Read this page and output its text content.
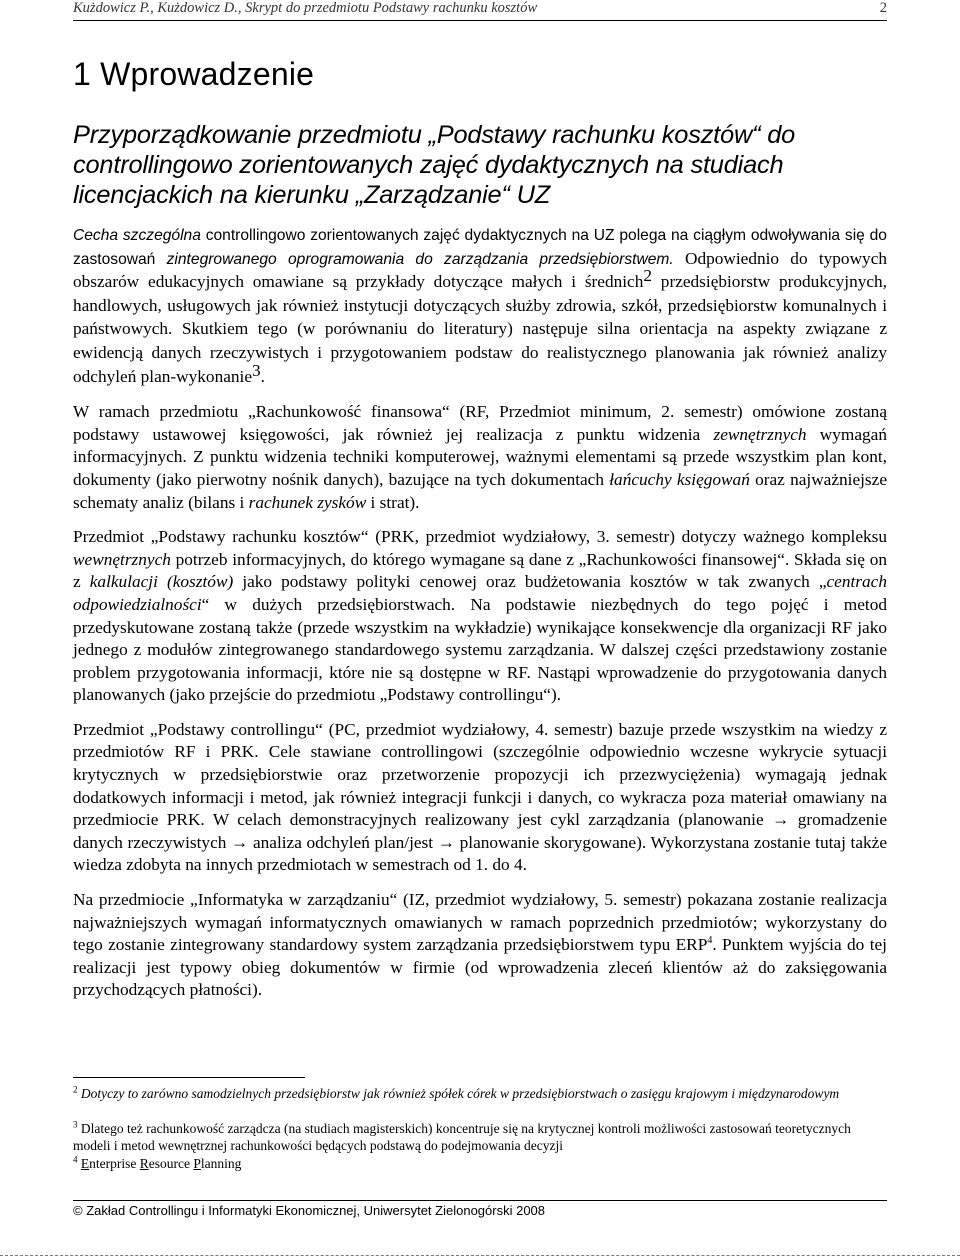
Kużdowicz P., Kużdowicz D., Skrypt do przedmiotu Podstawy rachunku kosztów	2
1 Wprowadzenie
Przyporządkowanie przedmiotu „Podstawy rachunku kosztów“ do controllingowo zorientowanych zajęć dydaktycznych na studiach licencjackich na kierunku „Zarządzanie“ UZ

Cecha szczególna controllingowo zorientowanych zajęć dydaktycznych na UZ polega na ciągłym odwoływania się do zastosowań zintegrowanego oprogramowania do zarządzania przedsiębiorstwem. Odpowiednio do typowych obszarów edukacyjnych omawiane są przykłady dotyczące małych i średnich$^2$ przedsiębiorstw produkcyjnych, handlowych, usługowych jak również instytucji dotyczących służby zdrowia, szkół, przedsiębiorstw komunalnych i państwowych. Skutkiem tego (w porównaniu do literatury) następuje silna orientacja na aspekty związane z ewidencją danych rzeczywistych i przygotowaniem podstaw do realistycznego planowania jak również analizy odchyleń plan-wykonanie$^3$.

W ramach przedmiotu „Rachunkowość finansowa“ (RF, Przedmiot minimum, 2. semestr) omówione zostaną podstawy ustawowej księgowości, jak również jej realizacja z punktu widzenia zewnętrznych wymagań informacyjnych. Z punktu widzenia techniki komputerowej, ważnymi elementami są przede wszystkim plan kont, dokumenty (jako pierwotny nośnik danych), bazujące na tych dokumentach łańcuchy księgowań oraz najważniejsze schematy analiz (bilans i rachunek zysków i strat).

Przedmiot „Podstawy rachunku kosztów“ (PRK, przedmiot wydziałowy, 3. semestr) dotyczy ważnego kompleksu wewnętrznych potrzeb informacyjnych, do którego wymagane są dane z „Rachunkowości finansowej“. Składa się on z kalkulacji (kosztów) jako podstawy polityki cenowej oraz budżetowania kosztów w tak zwanych „centrach odpowiedzialności“ w dużych przedsiębiorstwach. Na podstawie niezbędnych do tego pojęć i metod przedyskutowane zostaną także (przede wszystkim na wykładzie) wynikające konsekwencje dla organizacji RF jako jednego z modułów zintegrowanego standardowego systemu zarządzania. W dalszej części przedstawiony zostanie problem przygotowania informacji, które nie są dostępne w RF. Nastąpi wprowadzenie do przygotowania danych planowanych (jako przejście do przedmiotu „Podstawy controllingu“).

Przedmiot „Podstawy controllingu“ (PC, przedmiot wydziałowy, 4. semestr) bazuje przede wszystkim na wiedzy z przedmiotów RF i PRK. Cele stawiane controllingowi (szczególnie odpowiednio wczesne wykrycie sytuacji krytycznych w przedsiębiorstwie oraz przetworzenie propozycji ich przezwyciężenia) wymagają jednak dodatkowych informacji i metod, jak również integracji funkcji i danych, co wykracza poza materiał omawiany na przedmiocie PRK. W celach demonstracyjnych realizowany jest cykl zarządzania (planowanie → gromadzenie danych rzeczywistych → analiza odchyleń plan/jest → planowanie skorygowane). Wykorzystana zostanie tutaj także wiedza zdobyta na innych przedmiotach w semestrach od 1. do 4.

Na przedmiocie „Informatyka w zarządzaniu“ (IZ, przedmiot wydziałowy, 5. semestr) pokazana zostanie realizacja najważniejszych wymagań informatycznych omawianych w ramach poprzednich przedmiotów; wykorzystany do tego zostanie zintegrowany standardowy system zarządzania przedsiębiorstwem typu ERP$^4$. Punktem wyjścia do tej realizacji jest typowy obieg dokumentów w firmie (od wprowadzenia zleceń klientów aż do zaksięgowania przychodzących płatności).

$^2$ Dotyczy to zarówno samodzielnych przedsiębiorstw jak również spółek córek w przedsiębiorstwach o zasięgu krajowym i międzynarodowym
$^3$ Dlatego też rachunkowość zarządcza (na studiach magisterskich) koncentruje się na krytycznej kontroli możliwości zastosowań teoretycznych modeli i metod wewnętrznej rachunkowości będących podstawą do podejmowania decyzji
$^4$ Enterprise Resource Planning
© Zakład Controllingu i Informatyki Ekonomicznej, Uniwersytet Zielonogórski 2008
